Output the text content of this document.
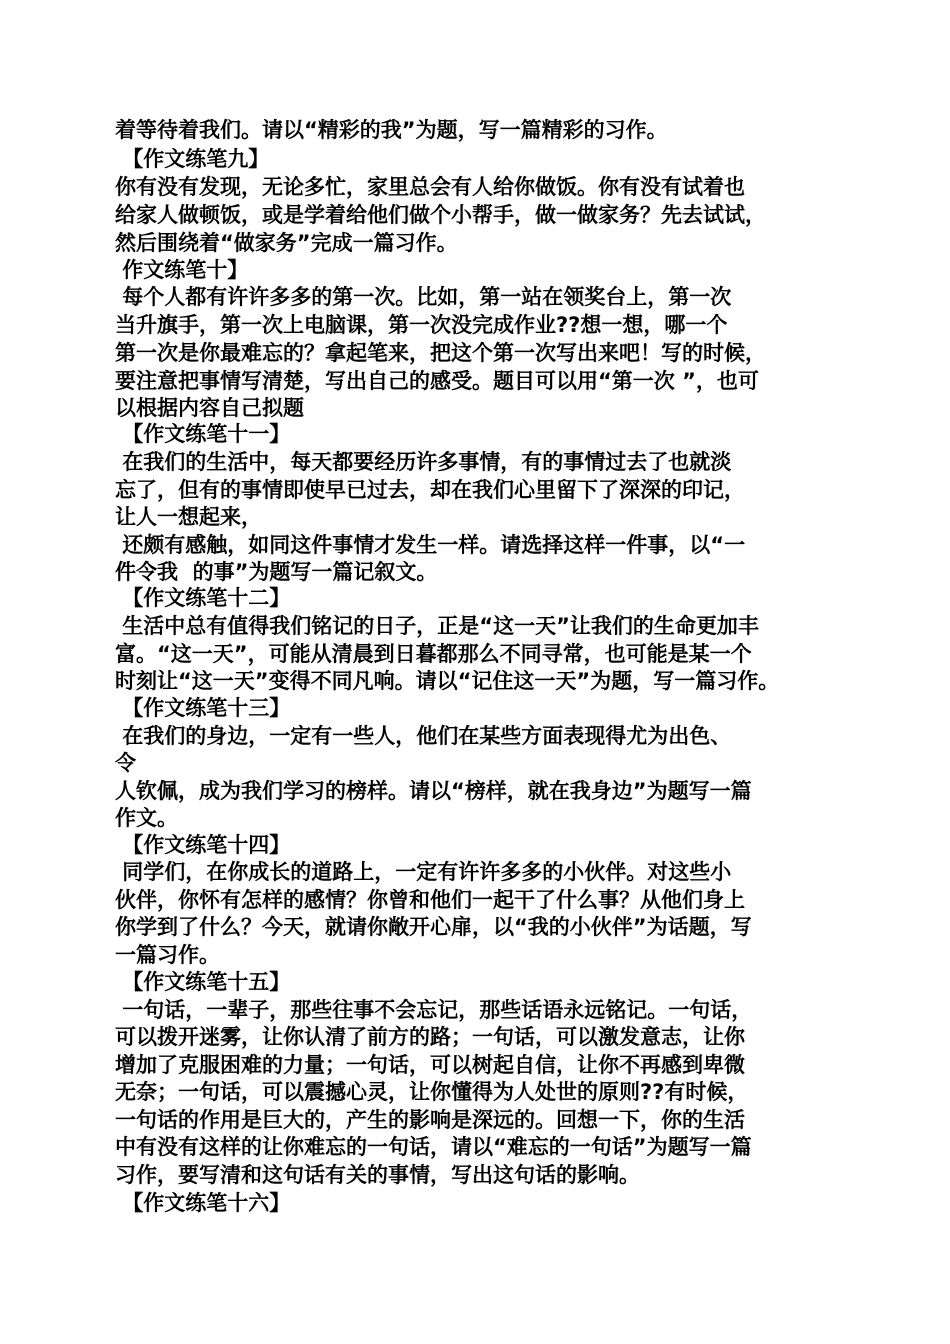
着等待着我们。请以“精彩的我”为题，写一篇精彩的习作。
【作文练笔九】
你有没有发现，无论多忙，家里总会有人给你做饭。你有没有试着也
给家人做顿饭，或是学着给他们做个小帮手，做一做家务？先去试试，
然后围绕着“做家务”完成一篇习作。
作文练笔十】
每个人都有许许多多的第一次。比如，第一站在领奖台上，第一次
当升旗手，第一次上电脑课，第一次没完成作业??想一想，哪一个
第一次是你最难忘的？拿起笔来，把这个第一次写出来吧！写的时候，
要注意把事情写清楚，写出自己的感受。题目可以用“第一次 ”，也可
以根据内容自己拟题
【作文练笔十一】
在我们的生活中，每天都要经历许多事情，有的事情过去了也就淡
忘了，但有的事情即使早已过去，却在我们心里留下了深深的印记，
让人一想起来，
还颇有感触，如同这件事情才发生一样。请选择这样一件事，以“一
件令我  的事”为题写一篇记叙文。
【作文练笔十二】
生活中总有值得我们铭记的日子，正是“这一天”让我们的生命更加丰
富。“这一天”，可能从清晨到日暮都那么不同寻常，也可能是某一个
时刻让“这一天”变得不同凡响。请以“记住这一天”为题，写一篇习作。
【作文练笔十三】
在我们的身边，一定有一些人，他们在某些方面表现得尤为出色、
令
人钦佩，成为我们学习的榜样。请以“榜样，就在我身边”为题写一篇
作文。
【作文练笔十四】
同学们，在你成长的道路上，一定有许许多多的小伙伴。对这些小
伙伴，你怀有怎样的感情？你曾和他们一起干了什么事？从他们身上
你学到了什么？今天，就请你敞开心扉，以“我的小伙伴”为话题，写
一篇习作。
【作文练笔十五】
一句话，一辈子，那些往事不会忘记，那些话语永远铭记。一句话，
可以拨开迷雾，让你认清了前方的路；一句话，可以激发意志，让你
增加了克服困难的力量；一句话，可以树起自信，让你不再感到卑微
无奈；一句话，可以震撼心灵，让你懂得为人处世的原则??有时候，
一句话的作用是巨大的，产生的影响是深远的。回想一下，你的生活
中有没有这样的让你难忘的一句话，请以“难忘的一句话”为题写一篇
习作，要写清和这句话有关的事情，写出这句话的影响。
【作文练笔十六】
